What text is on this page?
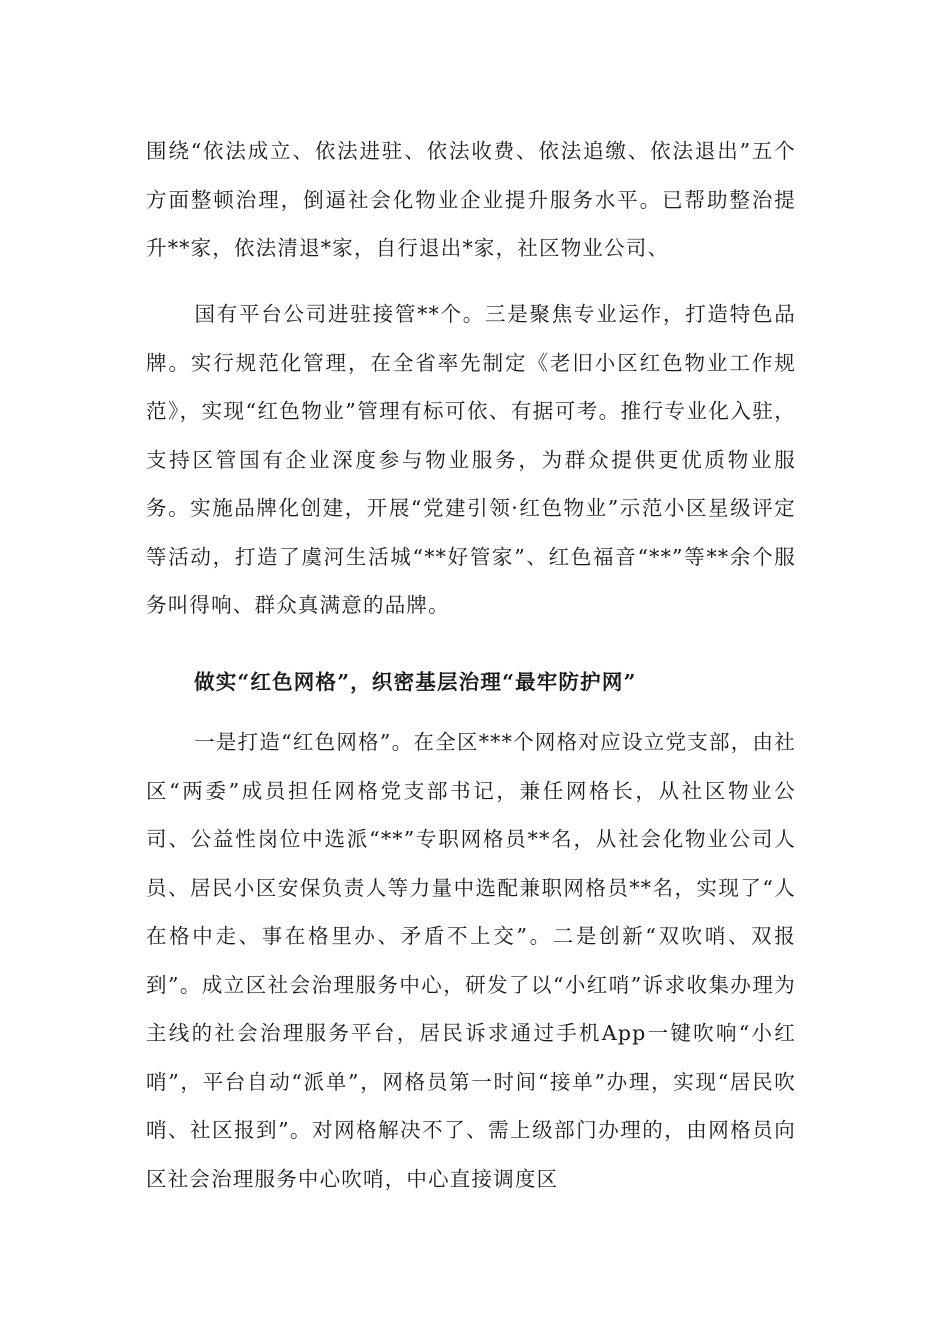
围绕“依法成立、依法进驻、依法收费、依法追缴、依法退出”五个方面整顿治理，倒逼社会化物业企业提升服务水平。已帮助整治提升**家，依法清退*家，自行退出*家，社区物业公司、

国有平台公司进驻接管**个。三是聚焦专业运作，打造特色品牌。实行规范化管理，在全省率先制定《老旧小区红色物业工作规范》，实现“红色物业”管理有标可依、有据可考。推行专业化入驻，支持区管国有企业深度参与物业服务，为群众提供更优质物业服务。实施品牌化创建，开展“党建引领·红色物业”示范小区星级评定等活动，打造了虞河生活城“**好管家”、红色福音“**”等**余个服务叫得响、群众真满意的品牌。

做实“红色网格”，织密基层治理“最牢防护网”

一是打造“红色网格”。在全区***个网格对应设立党支部，由社区“两委”成员担任网格党支部书记，兼任网格长，从社区物业公司、公益性岗位中选派“**”专职网格员**名，从社会化物业公司人员、居民小区安保负责人等力量中选配兼职网格员**名，实现了“人在格中走、事在格里办、矛盾不上交”。二是创新“双吹哨、双报到”。成立区社会治理服务中心，研发了以“小红哨”诉求收集办理为主线的社会治理服务平台，居民诉求通过手机App一键吹响“小红哨”，平台自动“派单”，网格员第一时间“接单”办理，实现“居民吹哨、社区报到”。对网格解决不了、需上级部门办理的，由网格员向区社会治理服务中心吹哨，中心直接调度区
